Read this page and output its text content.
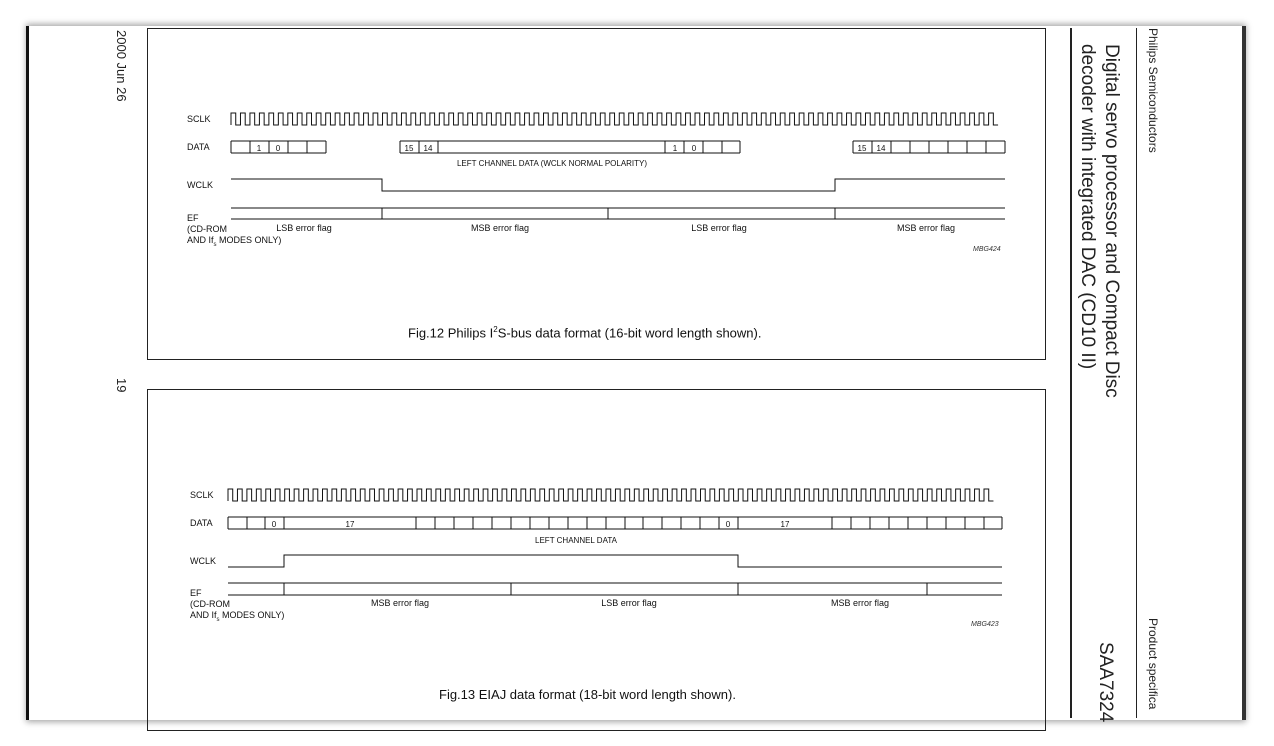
2000 Jun 26
19
Philips Semiconductors
Product specifica
Digital servo processor and Compact Disc
decoder with integrated DAC (CD10 II)
SAA7324
SCLK
DATA
WCLK
EF
(CD-ROM
AND $If_s$ MODES ONLY)
1 0	15 14	1 0	15 14
LEFT CHANNEL DATA (WCLK NORMAL POLARITY)
LSB error flag	MSB error flag	LSB error flag	MSB error flag
0	17	0	17
LEFT CHANNEL DATA
MSB error flag	LSB error flag	MSB error flag
MBG424
Fig.12 Philips $I^2S$-bus data format (16-bit word length shown).
SCLK
DATA
WCLK
EF
(CD-ROM
AND $If_s$ MODES ONLY)
MBG423
Fig.13 EIAJ data format (18-bit word length shown).
